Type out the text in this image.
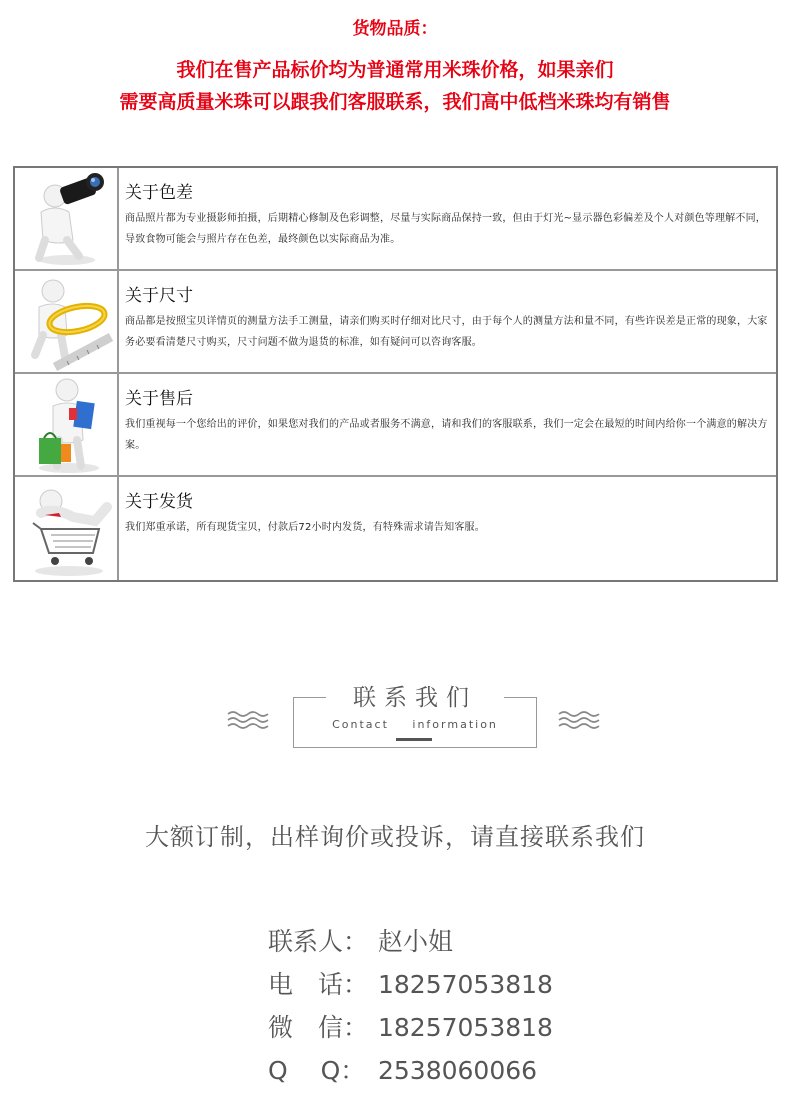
货物品质：
我们在售产品标价均为普通常用米珠价格，如果亲们
需要高质量米珠可以跟我们客服联系，我们高中低档米珠均有销售
关于色差
商品照片都为专业摄影师拍摄，后期精心修制及色彩调整，尽量与实际商品保持一致，但由于灯光~显示器色彩偏差及个人对颜色等理解不同，导致食物可能会与照片存在色差，最终颜色以实际商品为准。
关于尺寸
商品都是按照宝贝详情页的测量方法手工测量，请亲们购买时仔细对比尺寸，由于每个人的测量方法和量不同，有些许误差是正常的现象，大家务必要看清楚尺寸购买，尺寸问题不做为退货的标准，如有疑问可以咨询客服。
关于售后
我们重视每一个您给出的评价，如果您对我们的产品或者服务不满意，请和我们的客服联系，我们一定会在最短的时间内给你一个满意的解决方案。
关于发货
我们郑重承诺，所有现货宝贝，付款后72小时内发货，有特殊需求请告知客服。
联系我们
Contact information
大额订制，出样询价或投诉，请直接联系我们
联系人： 赵小姐
电　话： 18257053818
微　信： 18257053818
Q　 Q： 2538060066
